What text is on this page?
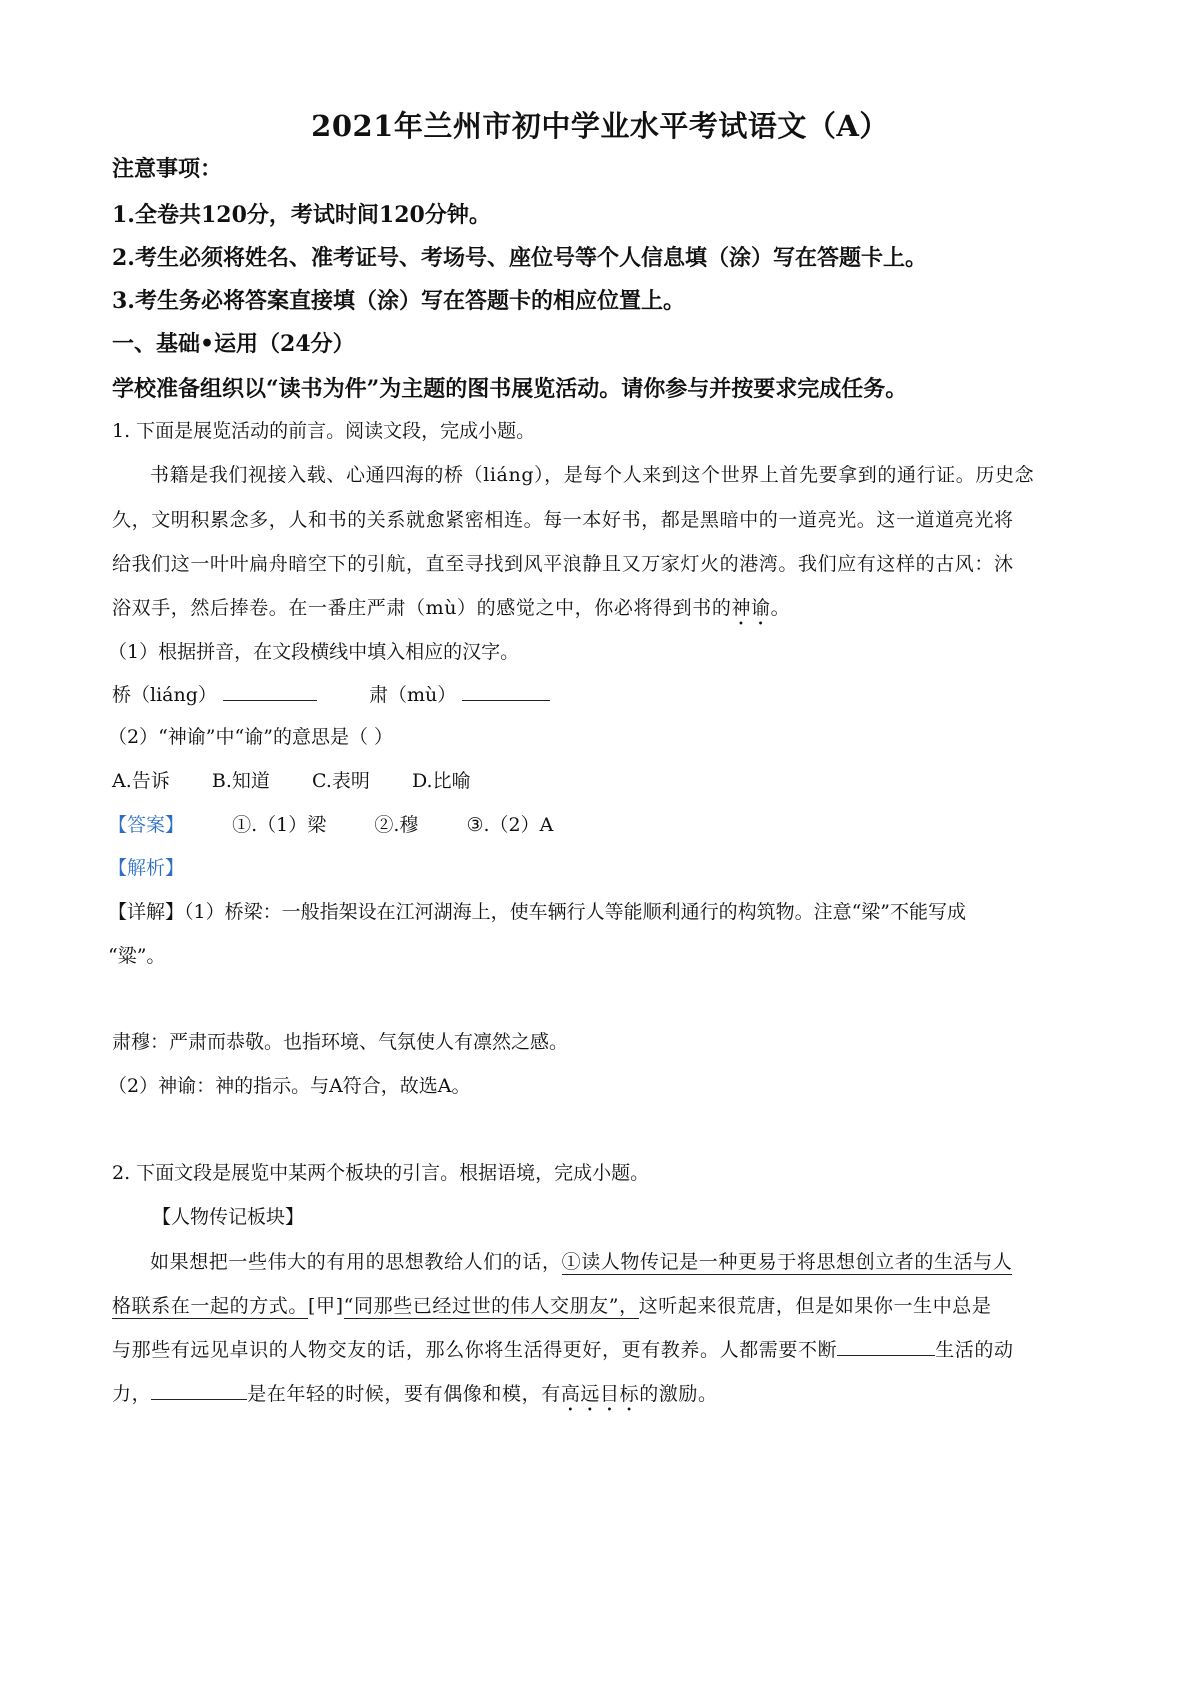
2021年兰州市初中学业水平考试语文（A）
注意事项：
1.全卷共120分，考试时间120分钟。
2.考生必须将姓名、准考证号、考场号、座位号等个人信息填（涂）写在答题卡上。
3.考生务必将答案直接填（涂）写在答题卡的相应位置上。
一、基础•运用（24分）
学校准备组织以“读书为件”为主题的图书展览活动。请你参与并按要求完成任务。
1. 下面是展览活动的前言。阅读文段，完成小题。
书籍是我们视接入载、心通四海的桥（liáng），是每个人来到这个世界上首先要拿到的通行证。历史念
久，文明积累念多，人和书的关系就愈紧密相连。每一本好书，都是黑暗中的一道亮光。这一道道亮光将
给我们这一叶叶扁舟暗空下的引航，直至寻找到风平浪静且又万家灯火的港湾。我们应有这样的古风：沐
浴双手，然后捧卷。在一番庄严肃（mù）的感觉之中，你必将得到书的神谕。
（1）根据拼音，在文段横线中填入相应的汉字。
桥（liáng）	肃（mù）
（2）“神谕”中“谕”的意思是（ ）
A.告诉 B.知道 C.表明 D.比喻
【答案】	①.（1）梁	②.穆	③.（2）A
【解析】
【详解】（1）桥梁：一般指架设在江河湖海上，使车辆行人等能顺利通行的构筑物。注意“梁”不能写成
“粱”。
肃穆：严肃而恭敬。也指环境、气氛使人有凛然之感。
（2）神谕：神的指示。与A符合，故选A。
2. 下面文段是展览中某两个板块的引言。根据语境，完成小题。
【人物传记板块】
如果想把一些伟大的有用的思想教给人们的话，①读人物传记是一种更易于将思想创立者的生活与人
格联系在一起的方式。[甲]“同那些已经过世的伟人交朋友”，这听起来很荒唐，但是如果你一生中总是
与那些有远见卓识的人物交友的话，那么你将生活得更好，更有教养。人都需要不断	生活的动
力，	是在年轻的时候，要有偶像和模，有高远目标的激励。
